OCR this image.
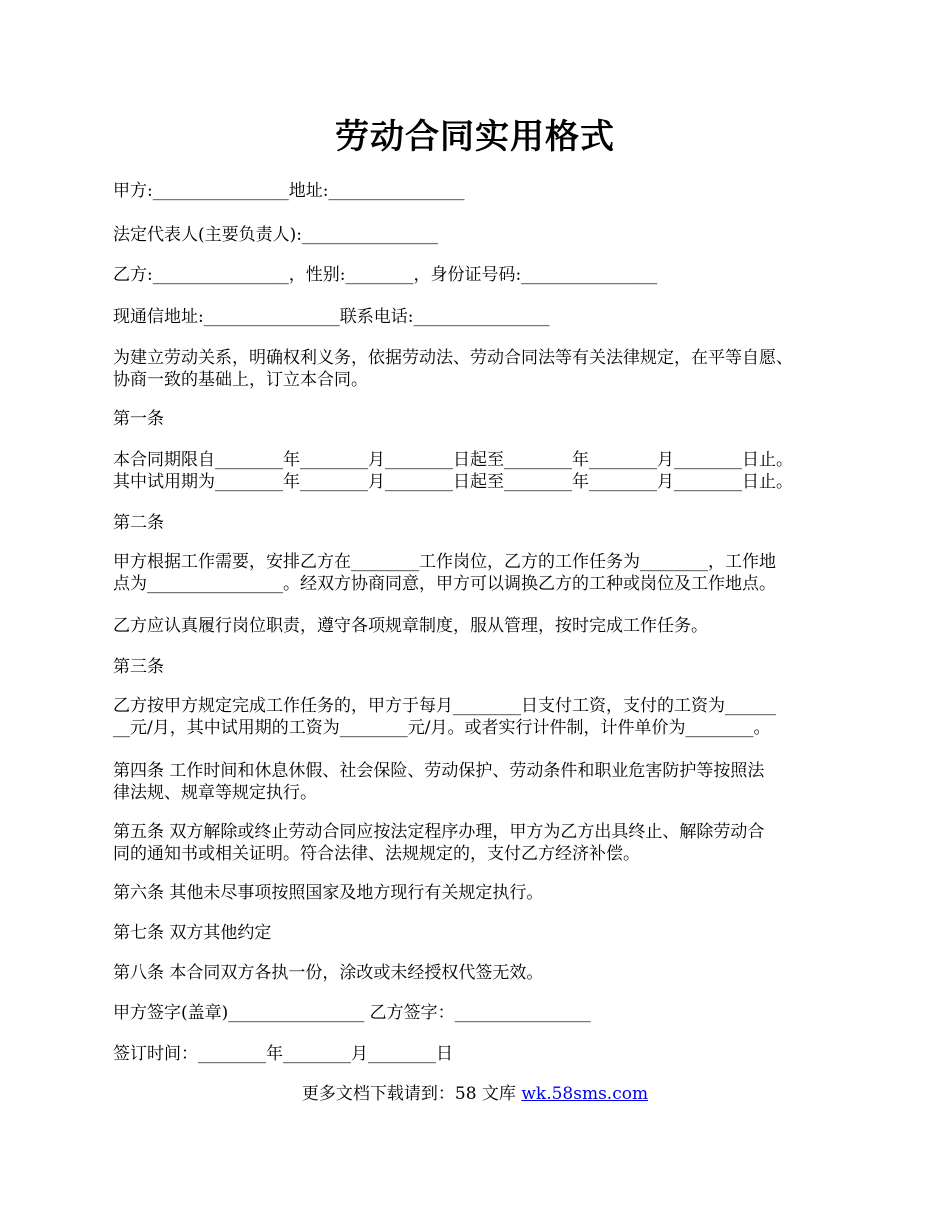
劳动合同实用格式
甲方:________________地址:________________
法定代表人(主要负责人):________________
乙方:________________，性别:________，身份证号码:________________
现通信地址:________________联系电话:________________
为建立劳动关系，明确权利义务，依据劳动法、劳动合同法等有关法律规定，在平等自愿、
协商一致的基础上，订立本合同。
第一条
本合同期限自________年________月________日起至________年________月________日止。
其中试用期为________年________月________日起至________年________月________日止。
第二条
甲方根据工作需要，安排乙方在________工作岗位，乙方的工作任务为________，工作地
点为________________。经双方协商同意，甲方可以调换乙方的工种或岗位及工作地点。
乙方应认真履行岗位职责，遵守各项规章制度，服从管理，按时完成工作任务。
第三条
乙方按甲方规定完成工作任务的，甲方于每月________日支付工资，支付的工资为______
__元/月，其中试用期的工资为________元/月。或者实行计件制，计件单价为________。
第四条 工作时间和休息休假、社会保险、劳动保护、劳动条件和职业危害防护等按照法
律法规、规章等规定执行。
第五条 双方解除或终止劳动合同应按法定程序办理，甲方为乙方出具终止、解除劳动合
同的通知书或相关证明。符合法律、法规规定的，支付乙方经济补偿。
第六条 其他未尽事项按照国家及地方现行有关规定执行。
第七条 双方其他约定
第八条 本合同双方各执一份，涂改或未经授权代签无效。
甲方签字(盖章)________________ 乙方签字：________________
签订时间：________年________月________日
更多文档下载请到：58 文库 wk.58sms.com
